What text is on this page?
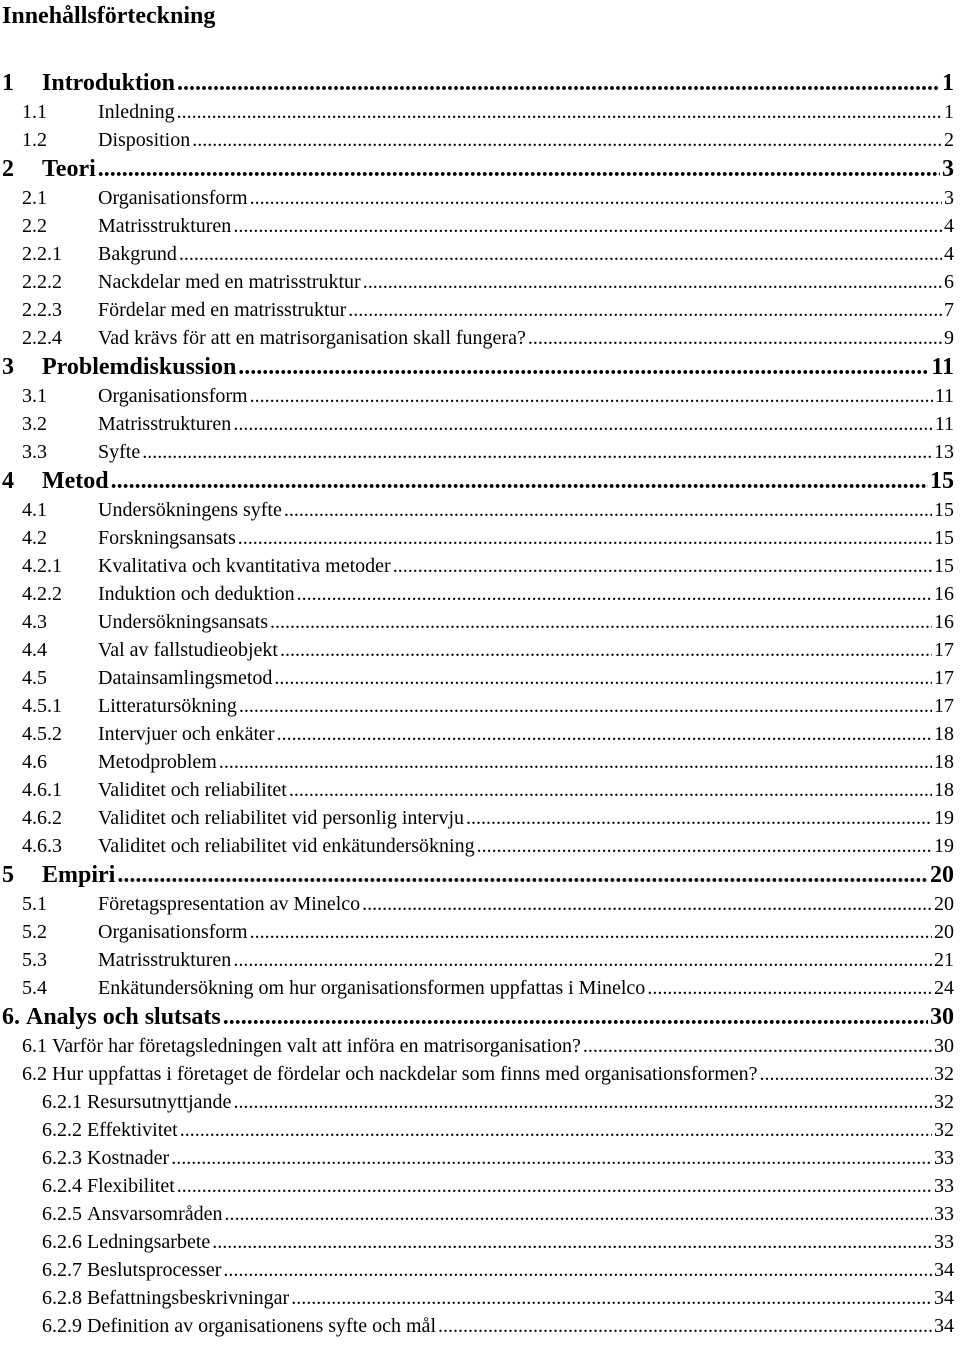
Innehållsförteckning
1	Introduktion .....	1
1.1	Inledning .....	1
1.2	Disposition .....	2
2	Teori .....	3
2.1	Organisationsform .....	3
2.2	Matrisstrukturen .....	4
2.2.1	Bakgrund .....	4
2.2.2	Nackdelar med en matrisstruktur .....	6
2.2.3	Fördelar med en matrisstruktur .....	7
2.2.4	Vad krävs för att en matrisorganisation skall fungera? .....	9
3	Problemdiskussion .....	11
3.1	Organisationsform .....	11
3.2	Matrisstrukturen .....	11
3.3	Syfte .....	13
4	Metod .....	15
4.1	Undersökningens syfte .....	15
4.2	Forskningsansats .....	15
4.2.1	Kvalitativa och kvantitativa metoder .....	15
4.2.2	Induktion och deduktion .....	16
4.3	Undersökningsansats .....	16
4.4	Val av fallstudieobjekt .....	17
4.5	Datainsamlingsmetod .....	17
4.5.1	Litteratursökning .....	17
4.5.2	Intervjuer och enkäter .....	18
4.6	Metodproblem .....	18
4.6.1	Validitet och reliabilitet .....	18
4.6.2	Validitet och reliabilitet vid personlig intervju .....	19
4.6.3	Validitet och reliabilitet vid enkätundersökning .....	19
5	Empiri .....	20
5.1	Företagspresentation av Minelco .....	20
5.2	Organisationsform .....	20
5.3	Matrisstrukturen .....	21
5.4	Enkätundersökning om hur organisationsformen uppfattas i Minelco .....	24
6. Analys och slutsats .....	30
6.1 Varför har företagsledningen valt att införa en matrisorganisation? .....	30
6.2 Hur uppfattas i företaget de fördelar och nackdelar som finns med organisationsformen? .....	32
6.2.1 Resursutnyttjande .....	32
6.2.2 Effektivitet .....	32
6.2.3 Kostnader .....	33
6.2.4 Flexibilitet .....	33
6.2.5 Ansvarsområden .....	33
6.2.6 Ledningsarbete .....	33
6.2.7 Beslutsprocesser .....	34
6.2.8 Befattningsbeskrivningar .....	34
6.2.9 Definition av organisationens syfte och mål .....	34
